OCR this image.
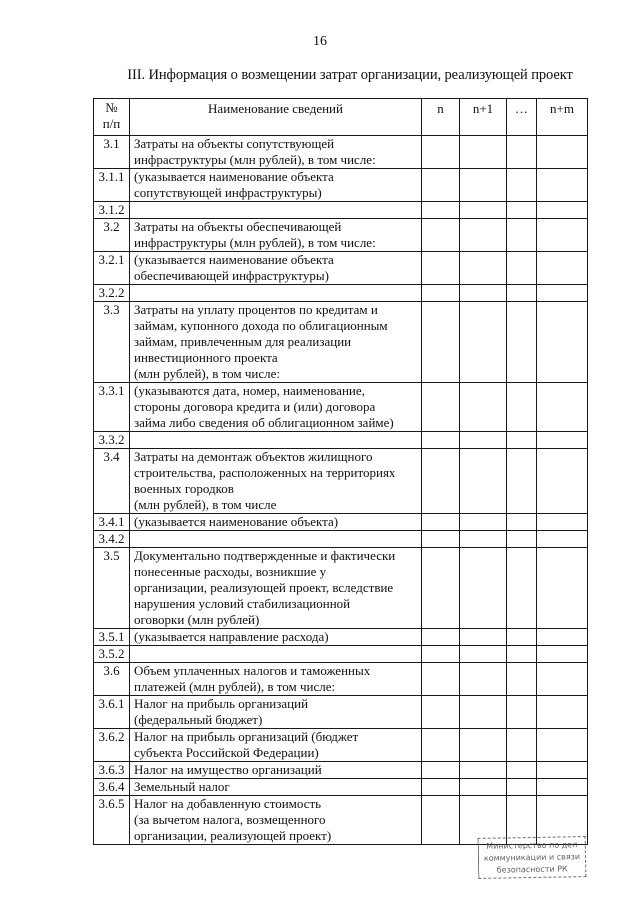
16
III. Информация о возмещении затрат организации, реализующей проект
№
п/п	Наименование сведений	n	n+1	…	n+m
3.1	Затраты на объекты сопутствующей
инфраструктуры (млн рублей), в том числе:				
3.1.1	(указывается наименование объекта
сопутствующей инфраструктуры)				
3.1.2					
3.2	Затраты на объекты обеспечивающей
инфраструктуры (млн рублей), в том числе:				
3.2.1	(указывается наименование объекта
обеспечивающей инфраструктуры)				
3.2.2					
3.3	Затраты на уплату процентов по кредитам и
займам, купонного дохода по облигационным
займам, привлеченным для реализации
инвестиционного проекта
(млн рублей), в том числе:				
3.3.1	(указываются дата, номер, наименование,
стороны договора кредита и (или) договора
займа либо сведения об облигационном займе)				
3.3.2					
3.4	Затраты на демонтаж объектов жилищного
строительства, расположенных на территориях
военных городков
(млн рублей), в том числе				
3.4.1	(указывается наименование объекта)				
3.4.2					
3.5	Документально подтвержденные и фактически
понесенные расходы, возникшие у
организации, реализующей проект, вследствие
нарушения условий стабилизационной
оговорки (млн рублей)				
3.5.1	(указывается направление расхода)				
3.5.2					
3.6	Объем уплаченных налогов и таможенных
платежей (млн рублей), в том числе:				
3.6.1	Налог на прибыль организаций
(федеральный бюджет)				
3.6.2	Налог на прибыль организаций (бюджет
субъекта Российской Федерации)				
3.6.3	Налог на имущество организаций				
3.6.4	Земельный налог				
3.6.5	Налог на добавленную стоимость
(за вычетом налога, возмещенного
организации, реализующей проект)				
Министерство по дел
коммуникации и связи
безопасности РК
